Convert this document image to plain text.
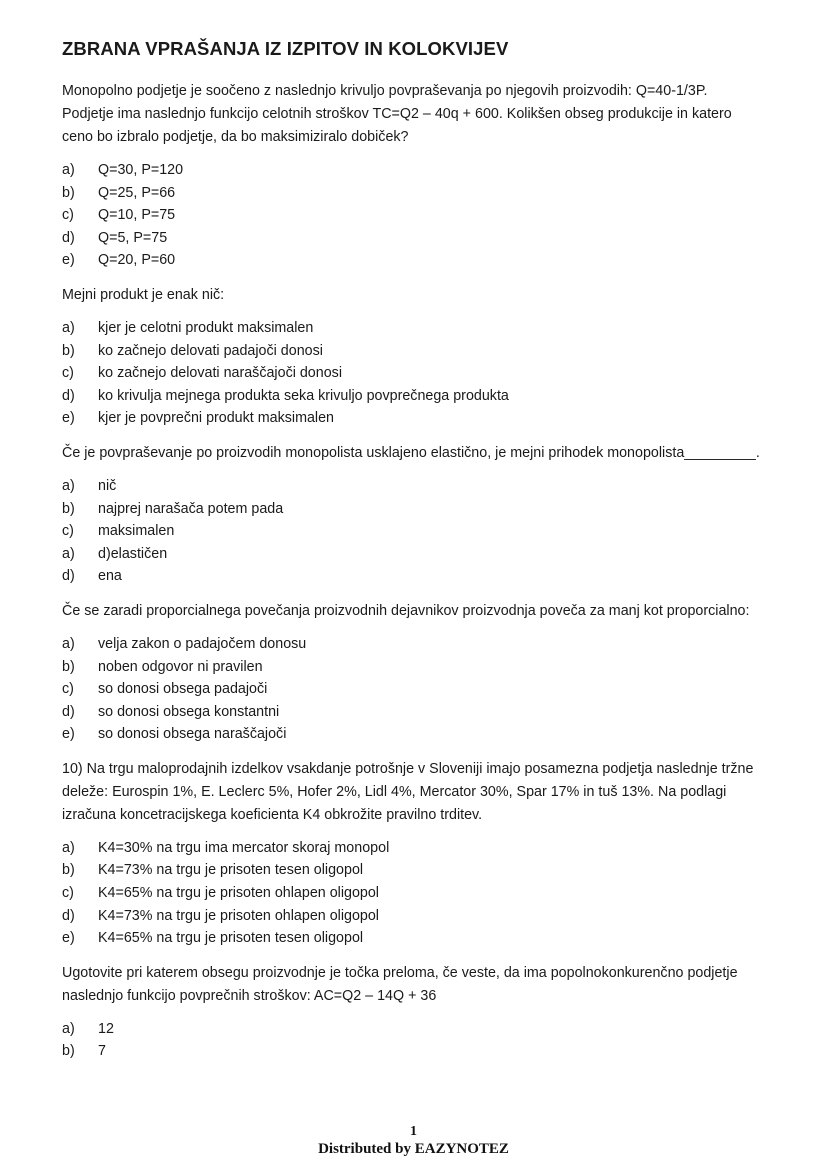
ZBRANA VPRAŠANJA IZ IZPITOV IN KOLOKVIJEV

Monopolno podjetje je soočeno z naslednjo krivuljo povpraševanja po njegovih proizvodih: Q=40-1/3P. Podjetje ima naslednjo funkcijo celotnih stroškov TC=Q2 – 40q + 600. Kolikšen obseg produkcije in katero ceno bo izbralo podjetje, da bo maksimiziralo dobiček?

a) Q=30, P=120
b) Q=25, P=66
c) Q=10, P=75
d) Q=5, P=75
e) Q=20, P=60

Mejni produkt je enak nič:

a) kjer je celotni produkt maksimalen
b) ko začnejo delovati padajoči donosi
c) ko začnejo delovati naraščajoči donosi
d) ko krivulja mejnega produkta seka krivuljo povprečnega produkta
e) kjer je povprečni produkt maksimalen

Če je povpraševanje po proizvodih monopolista usklajeno elastično, je mejni prihodek monopolista_________.

a) nič
b) najprej narašača potem pada
c) maksimalen
a) d)elastičen
d) ena

Če se zaradi proporcialnega povečanja proizvodnih dejavnikov proizvodnja poveča za manj kot proporcialno:

a) velja zakon o padajočem donosu
b) noben odgovor ni pravilen
c) so donosi obsega padajoči
d) so donosi obsega konstantni
e) so donosi obsega naraščajoči

10) Na trgu maloprodajnih izdelkov vsakdanje potrošnje v Sloveniji imajo posamezna podjetja naslednje tržne deleže: Eurospin 1%, E. Leclerc 5%, Hofer 2%, Lidl 4%, Mercator 30%, Spar 17% in tuš 13%. Na podlagi izračuna koncetracijskega koeficienta K4 obkrožite pravilno trditev.

a) K4=30% na trgu ima mercator skoraj monopol
b) K4=73% na trgu je prisoten tesen oligopol
c) K4=65% na trgu je prisoten ohlapen oligopol
d) K4=73% na trgu je prisoten ohlapen oligopol
e) K4=65% na trgu je prisoten tesen oligopol

Ugotovite pri katerem obsegu proizvodnje je točka preloma, če veste, da ima popolnokonkurenčno podjetje naslednjo funkcijo povprečnih stroškov: AC=Q2 – 14Q + 36

a) 12
b) 7
1
Distributed by EAZYNOTEZ
